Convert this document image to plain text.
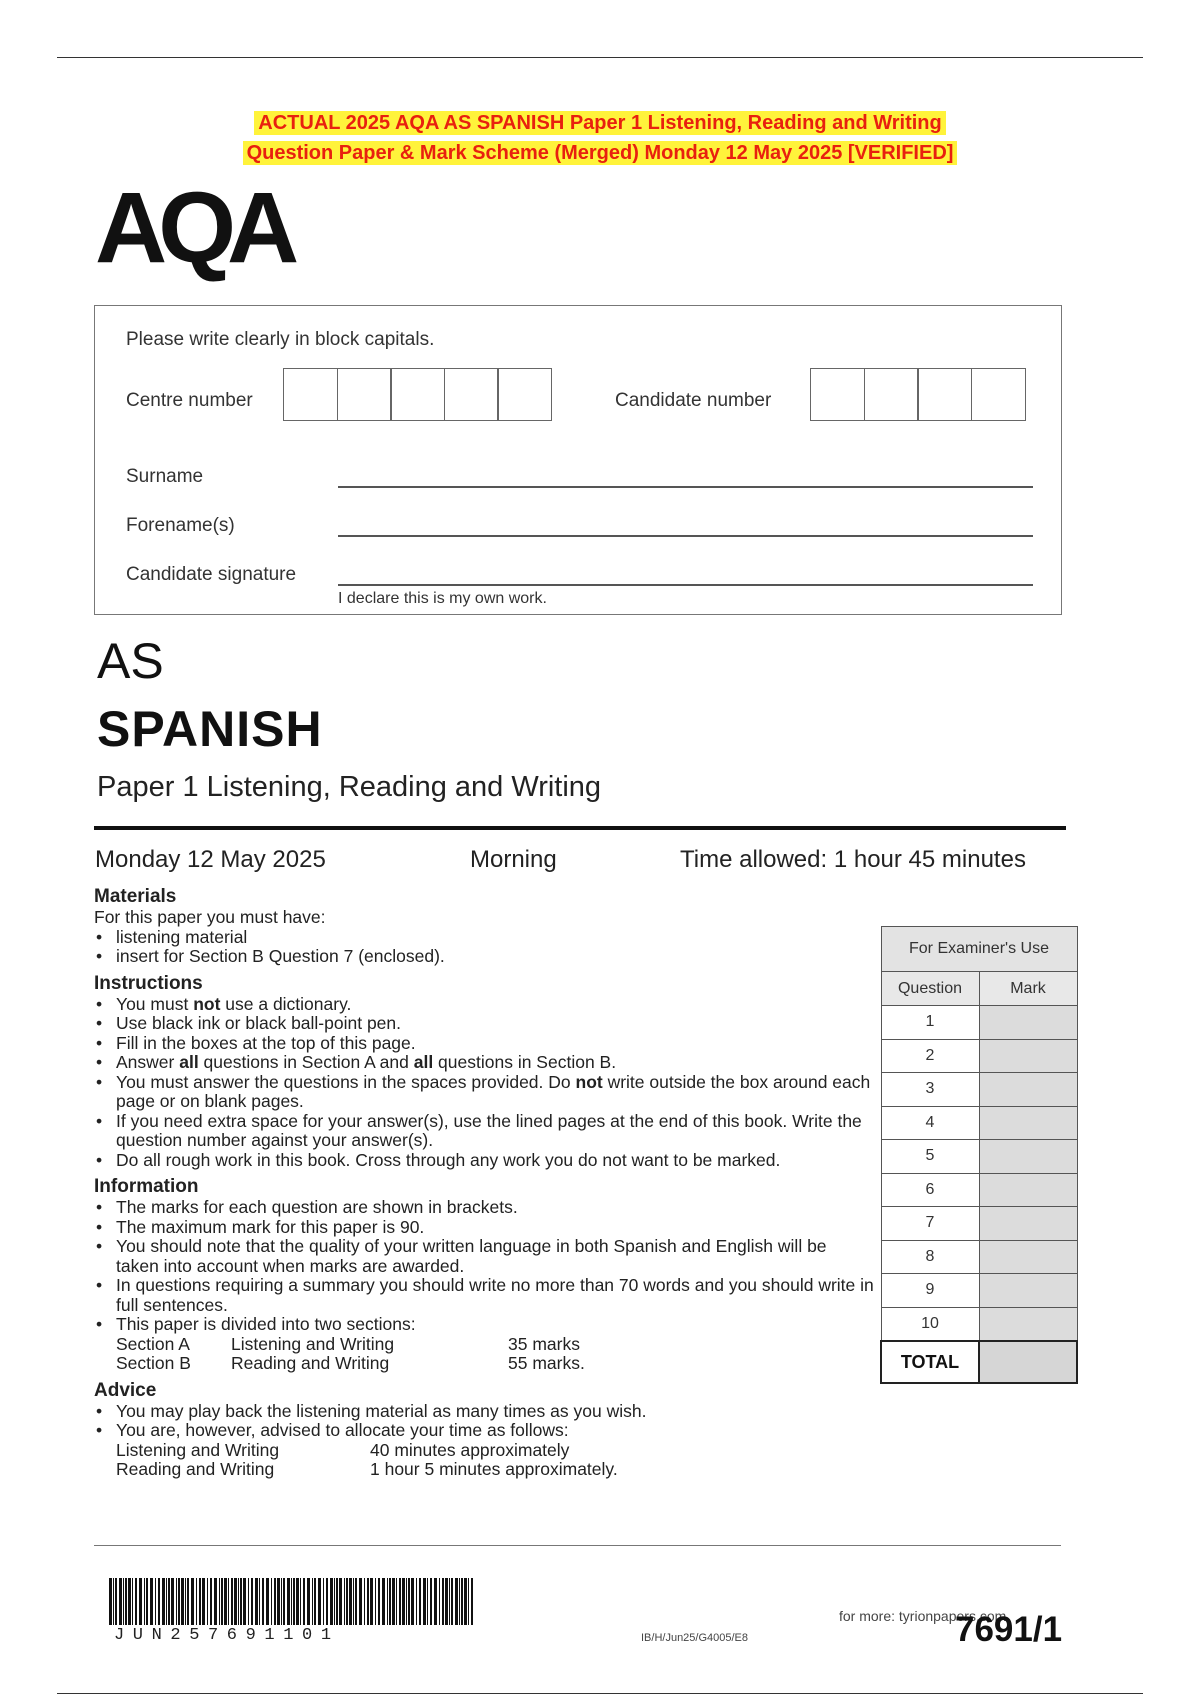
ACTUAL 2025 AQA AS SPANISH Paper 1 Listening, Reading and Writing
Question Paper & Mark Scheme (Merged) Monday 12 May 2025 [VERIFIED]
AQA
Please write clearly in block capitals.
Centre number	Candidate number
Surname
Forename(s)
Candidate signature
I declare this is my own work.
AS
SPANISH
Paper 1 Listening, Reading and Writing
Monday 12 May 2025	Morning	Time allowed: 1 hour 45 minutes
Materials

For this paper you must have:

• listening material
• insert for Section B Question 7 (enclosed).
Instructions
• You must not use a dictionary.
• Use black ink or black ball-point pen.
• Fill in the boxes at the top of this page.
• Answer all questions in Section A and all questions in Section B.
• You must answer the questions in the spaces provided. Do not write outside the box around each page or on blank pages.
• If you need extra space for your answer(s), use the lined pages at the end of this book. Write the question number against your answer(s).
• Do all rough work in this book. Cross through any work you do not want to be marked.
Information
• The marks for each question are shown in brackets.
• The maximum mark for this paper is 90.
• You should note that the quality of your written language in both Spanish and English will be taken into account when marks are awarded.
• In questions requiring a summary you should write no more than 70 words and you should write in full sentences.
• This paper is divided into two sections:
Section A	Listening and Writing	35 marks
Section B	Reading and Writing	55 marks.
Advice
• You may play back the listening material as many times as you wish.
• You are, however, advised to allocate your time as follows:
Listening and Writing	40 minutes approximately
Reading and Writing	1 hour 5 minutes approximately.
For Examiner's Use	
Question	Mark
1	
2	
3	
4	
5	
6	
7	
8	
9	
10	
TOTAL	
JUN257691101	IB/H/Jun25/G4005/E8
for more: tyrionpapers.com
7691/1
